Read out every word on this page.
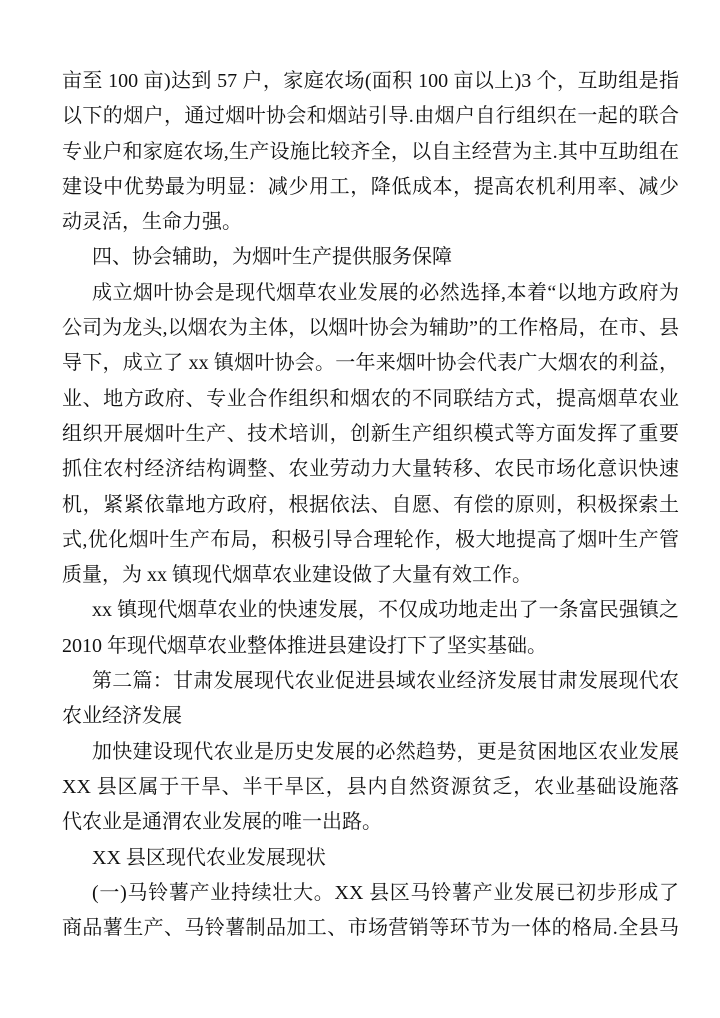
亩至 100 亩)达到 57 户，家庭农场(面积 100 亩以上)3 个，互助组是指
以下的烟户，通过烟叶协会和烟站引导.由烟户自行组织在一起的联合
专业户和家庭农场,生产设施比较齐全，以自主经营为主.其中互助组在
建设中优势最为明显：减少用工，降低成本，提高农机利用率、减少
动灵活，生命力强。
四、协会辅助，为烟叶生产提供服务保障
成立烟叶协会是现代烟草农业发展的必然选择,本着“以地方政府为
公司为龙头,以烟农为主体，以烟叶协会为辅助”的工作格局，在市、县
导下，成立了 xx 镇烟叶协会。一年来烟叶协会代表广大烟农的利益，
业、地方政府、专业合作组织和烟农的不同联结方式，提高烟草农业
组织开展烟叶生产、技术培训，创新生产组织模式等方面发挥了重要
抓住农村经济结构调整、农业劳动力大量转移、农民市场化意识快速
机，紧紧依靠地方政府，根据依法、自愿、有偿的原则，积极探索土
式,优化烟叶生产布局，积极引导合理轮作，极大地提高了烟叶生产管
质量，为 xx 镇现代烟草农业建设做了大量有效工作。
xx 镇现代烟草农业的快速发展，不仅成功地走出了一条富民强镇之
2010 年现代烟草农业整体推进县建设打下了坚实基础。
第二篇：甘肃发展现代农业促进县域农业经济发展甘肃发展现代农
农业经济发展
加快建设现代农业是历史发展的必然趋势，更是贫困地区农业发展
XX 县区属于干旱、半干旱区，县内自然资源贫乏，农业基础设施落
代农业是通渭农业发展的唯一出路。
XX 县区现代农业发展现状
(一)马铃薯产业持续壮大。XX 县区马铃薯产业发展已初步形成了
商品薯生产、马铃薯制品加工、市场营销等环节为一体的格局.全县马
